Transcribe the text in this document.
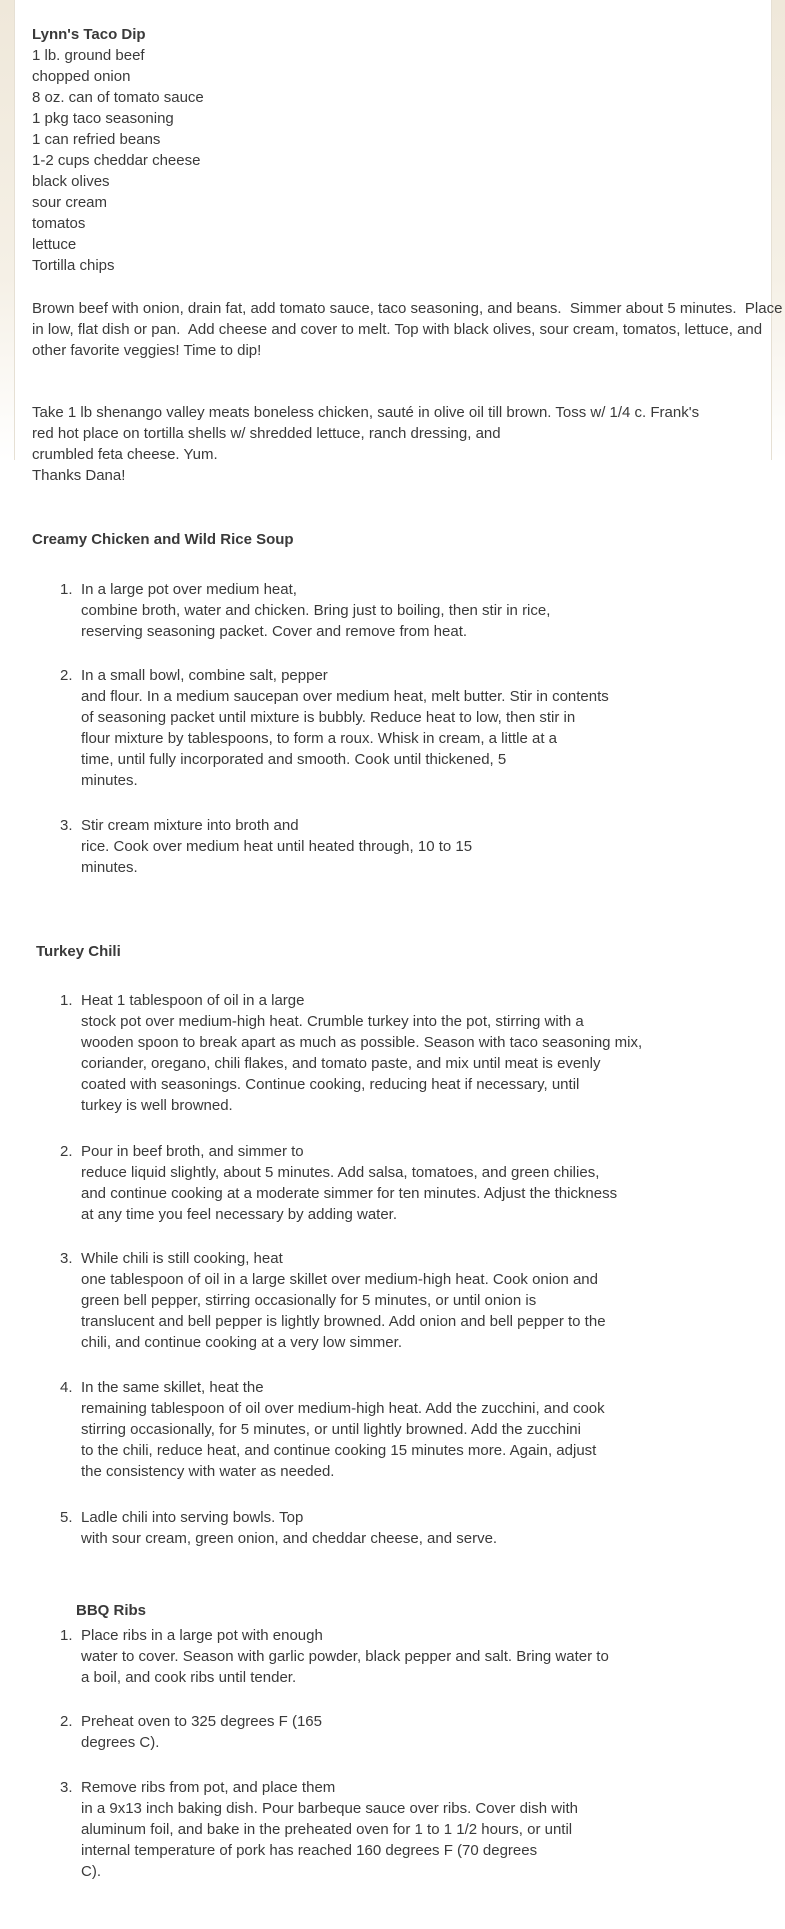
Lynn's Taco Dip
1 lb. ground beef
chopped onion
8 oz. can of tomato sauce
1 pkg taco seasoning
1 can refried beans
1-2 cups cheddar cheese
black olives
sour cream
tomatos
lettuce
Tortilla chips
Brown beef with onion, drain fat, add tomato sauce, taco seasoning, and beans.  Simmer about 5 minutes.  Place
in low, flat dish or pan.  Add cheese and cover to melt. Top with black olives, sour cream, tomatos, lettuce, and
other favorite veggies! Time to dip!
Take 1 lb shenango valley meats boneless chicken, sauté in olive oil till brown. Toss w/ 1/4 c. Frank's
red hot place on tortilla shells w/ shredded lettuce, ranch dressing, and
crumbled feta cheese. Yum.
Thanks Dana!
Creamy Chicken and Wild Rice Soup
1. In a large pot over medium heat,
combine broth, water and chicken. Bring just to boiling, then stir in rice,
reserving seasoning packet. Cover and remove from heat.
2. In a small bowl, combine salt, pepper
and flour. In a medium saucepan over medium heat, melt butter. Stir in contents
of seasoning packet until mixture is bubbly. Reduce heat to low, then stir in
flour mixture by tablespoons, to form a roux. Whisk in cream, a little at a
time, until fully incorporated and smooth. Cook until thickened, 5
minutes.
3. Stir cream mixture into broth and
rice. Cook over medium heat until heated through, 10 to 15
minutes.
Turkey Chili
1. Heat 1 tablespoon of oil in a large
stock pot over medium-high heat. Crumble turkey into the pot, stirring with a
wooden spoon to break apart as much as possible. Season with taco seasoning mix,
coriander, oregano, chili flakes, and tomato paste, and mix until meat is evenly
coated with seasonings. Continue cooking, reducing heat if necessary, until
turkey is well browned.
2. Pour in beef broth, and simmer to
reduce liquid slightly, about 5 minutes. Add salsa, tomatoes, and green chilies,
and continue cooking at a moderate simmer for ten minutes. Adjust the thickness
at any time you feel necessary by adding water.
3. While chili is still cooking, heat
one tablespoon of oil in a large skillet over medium-high heat. Cook onion and
green bell pepper, stirring occasionally for 5 minutes, or until onion is
translucent and bell pepper is lightly browned. Add onion and bell pepper to the
chili, and continue cooking at a very low simmer.
4. In the same skillet, heat the
remaining tablespoon of oil over medium-high heat. Add the zucchini, and cook
stirring occasionally, for 5 minutes, or until lightly browned. Add the zucchini
to the chili, reduce heat, and continue cooking 15 minutes more. Again, adjust
the consistency with water as needed.
5. Ladle chili into serving bowls. Top
with sour cream, green onion, and cheddar cheese, and serve.
BBQ Ribs
1. Place ribs in a large pot with enough
water to cover. Season with garlic powder, black pepper and salt. Bring water to
a boil, and cook ribs until tender.
2. Preheat oven to 325 degrees F (165
degrees C).
3. Remove ribs from pot, and place them
in a 9x13 inch baking dish. Pour barbeque sauce over ribs. Cover dish with
aluminum foil, and bake in the preheated oven for 1 to 1 1/2 hours, or until
internal temperature of pork has reached 160 degrees F (70 degrees
C).
